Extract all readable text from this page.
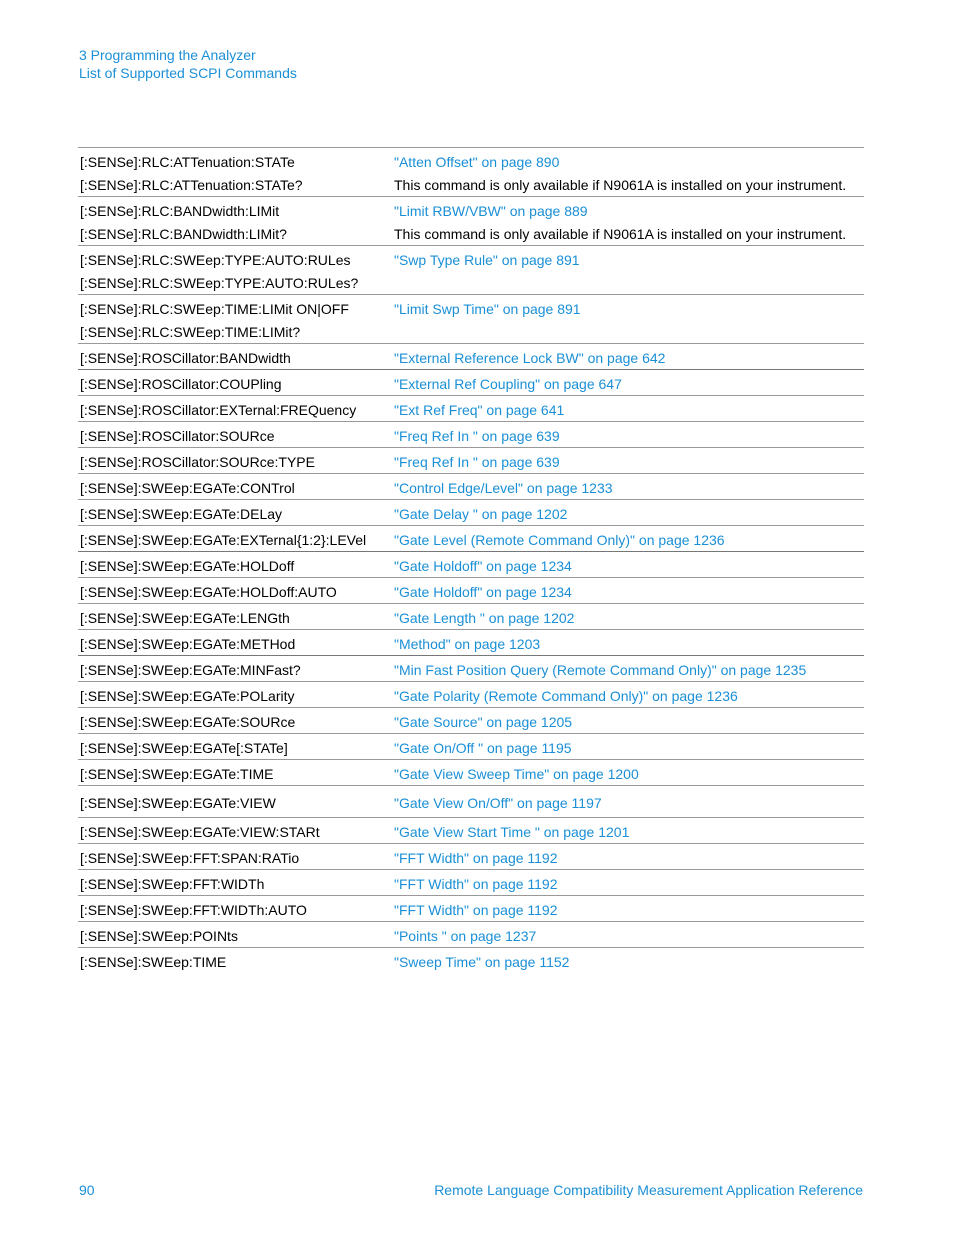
3 Programming the Analyzer
List of Supported SCPI Commands
[:SENSe]:RLC:ATTenuation:STATe	"Atten Offset" on page 890
[:SENSe]:RLC:ATTenuation:STATe?	This command is only available if N9061A is installed on your instrument.
[:SENSe]:RLC:BANDwidth:LIMit	"Limit RBW/VBW" on page 889
[:SENSe]:RLC:BANDwidth:LIMit?	This command is only available if N9061A is installed on your instrument.
[:SENSe]:RLC:SWEep:TYPE:AUTO:RULes	"Swp Type Rule" on page 891
[:SENSe]:RLC:SWEep:TYPE:AUTO:RULes?
[:SENSe]:RLC:SWEep:TIME:LIMit ON|OFF	"Limit Swp Time" on page 891
[:SENSe]:RLC:SWEep:TIME:LIMit?
[:SENSe]:ROSCillator:BANDwidth	"External Reference Lock BW" on page 642
[:SENSe]:ROSCillator:COUPling	"External Ref Coupling" on page 647
[:SENSe]:ROSCillator:EXTernal:FREQuency	"Ext Ref Freq" on page 641
[:SENSe]:ROSCillator:SOURce	"Freq Ref In " on page 639
[:SENSe]:ROSCillator:SOURce:TYPE	"Freq Ref In " on page 639
[:SENSe]:SWEep:EGATe:CONTrol	"Control Edge/Level" on page 1233
[:SENSe]:SWEep:EGATe:DELay	"Gate Delay " on page 1202
[:SENSe]:SWEep:EGATe:EXTernal{1:2}:LEVel	"Gate Level (Remote Command Only)" on page 1236
[:SENSe]:SWEep:EGATe:HOLDoff	"Gate Holdoff" on page 1234
[:SENSe]:SWEep:EGATe:HOLDoff:AUTO	"Gate Holdoff" on page 1234
[:SENSe]:SWEep:EGATe:LENGth	"Gate Length " on page 1202
[:SENSe]:SWEep:EGATe:METHod	"Method" on page 1203
[:SENSe]:SWEep:EGATe:MINFast?	"Min Fast Position Query (Remote Command Only)" on page 1235
[:SENSe]:SWEep:EGATe:POLarity	"Gate Polarity (Remote Command Only)" on page 1236
[:SENSe]:SWEep:EGATe:SOURce	"Gate Source" on page 1205
[:SENSe]:SWEep:EGATe[:STATe]	"Gate On/Off " on page 1195
[:SENSe]:SWEep:EGATe:TIME	"Gate View Sweep Time" on page 1200
[:SENSe]:SWEep:EGATe:VIEW	"Gate View On/Off" on page 1197
[:SENSe]:SWEep:EGATe:VIEW:STARt	"Gate View Start Time " on page 1201
[:SENSe]:SWEep:FFT:SPAN:RATio	"FFT Width" on page 1192
[:SENSe]:SWEep:FFT:WIDTh	"FFT Width" on page 1192
[:SENSe]:SWEep:FFT:WIDTh:AUTO	"FFT Width" on page 1192
[:SENSe]:SWEep:POINts	"Points " on page 1237
[:SENSe]:SWEep:TIME	"Sweep Time" on page 1152
90	Remote Language Compatibility Measurement Application Reference
